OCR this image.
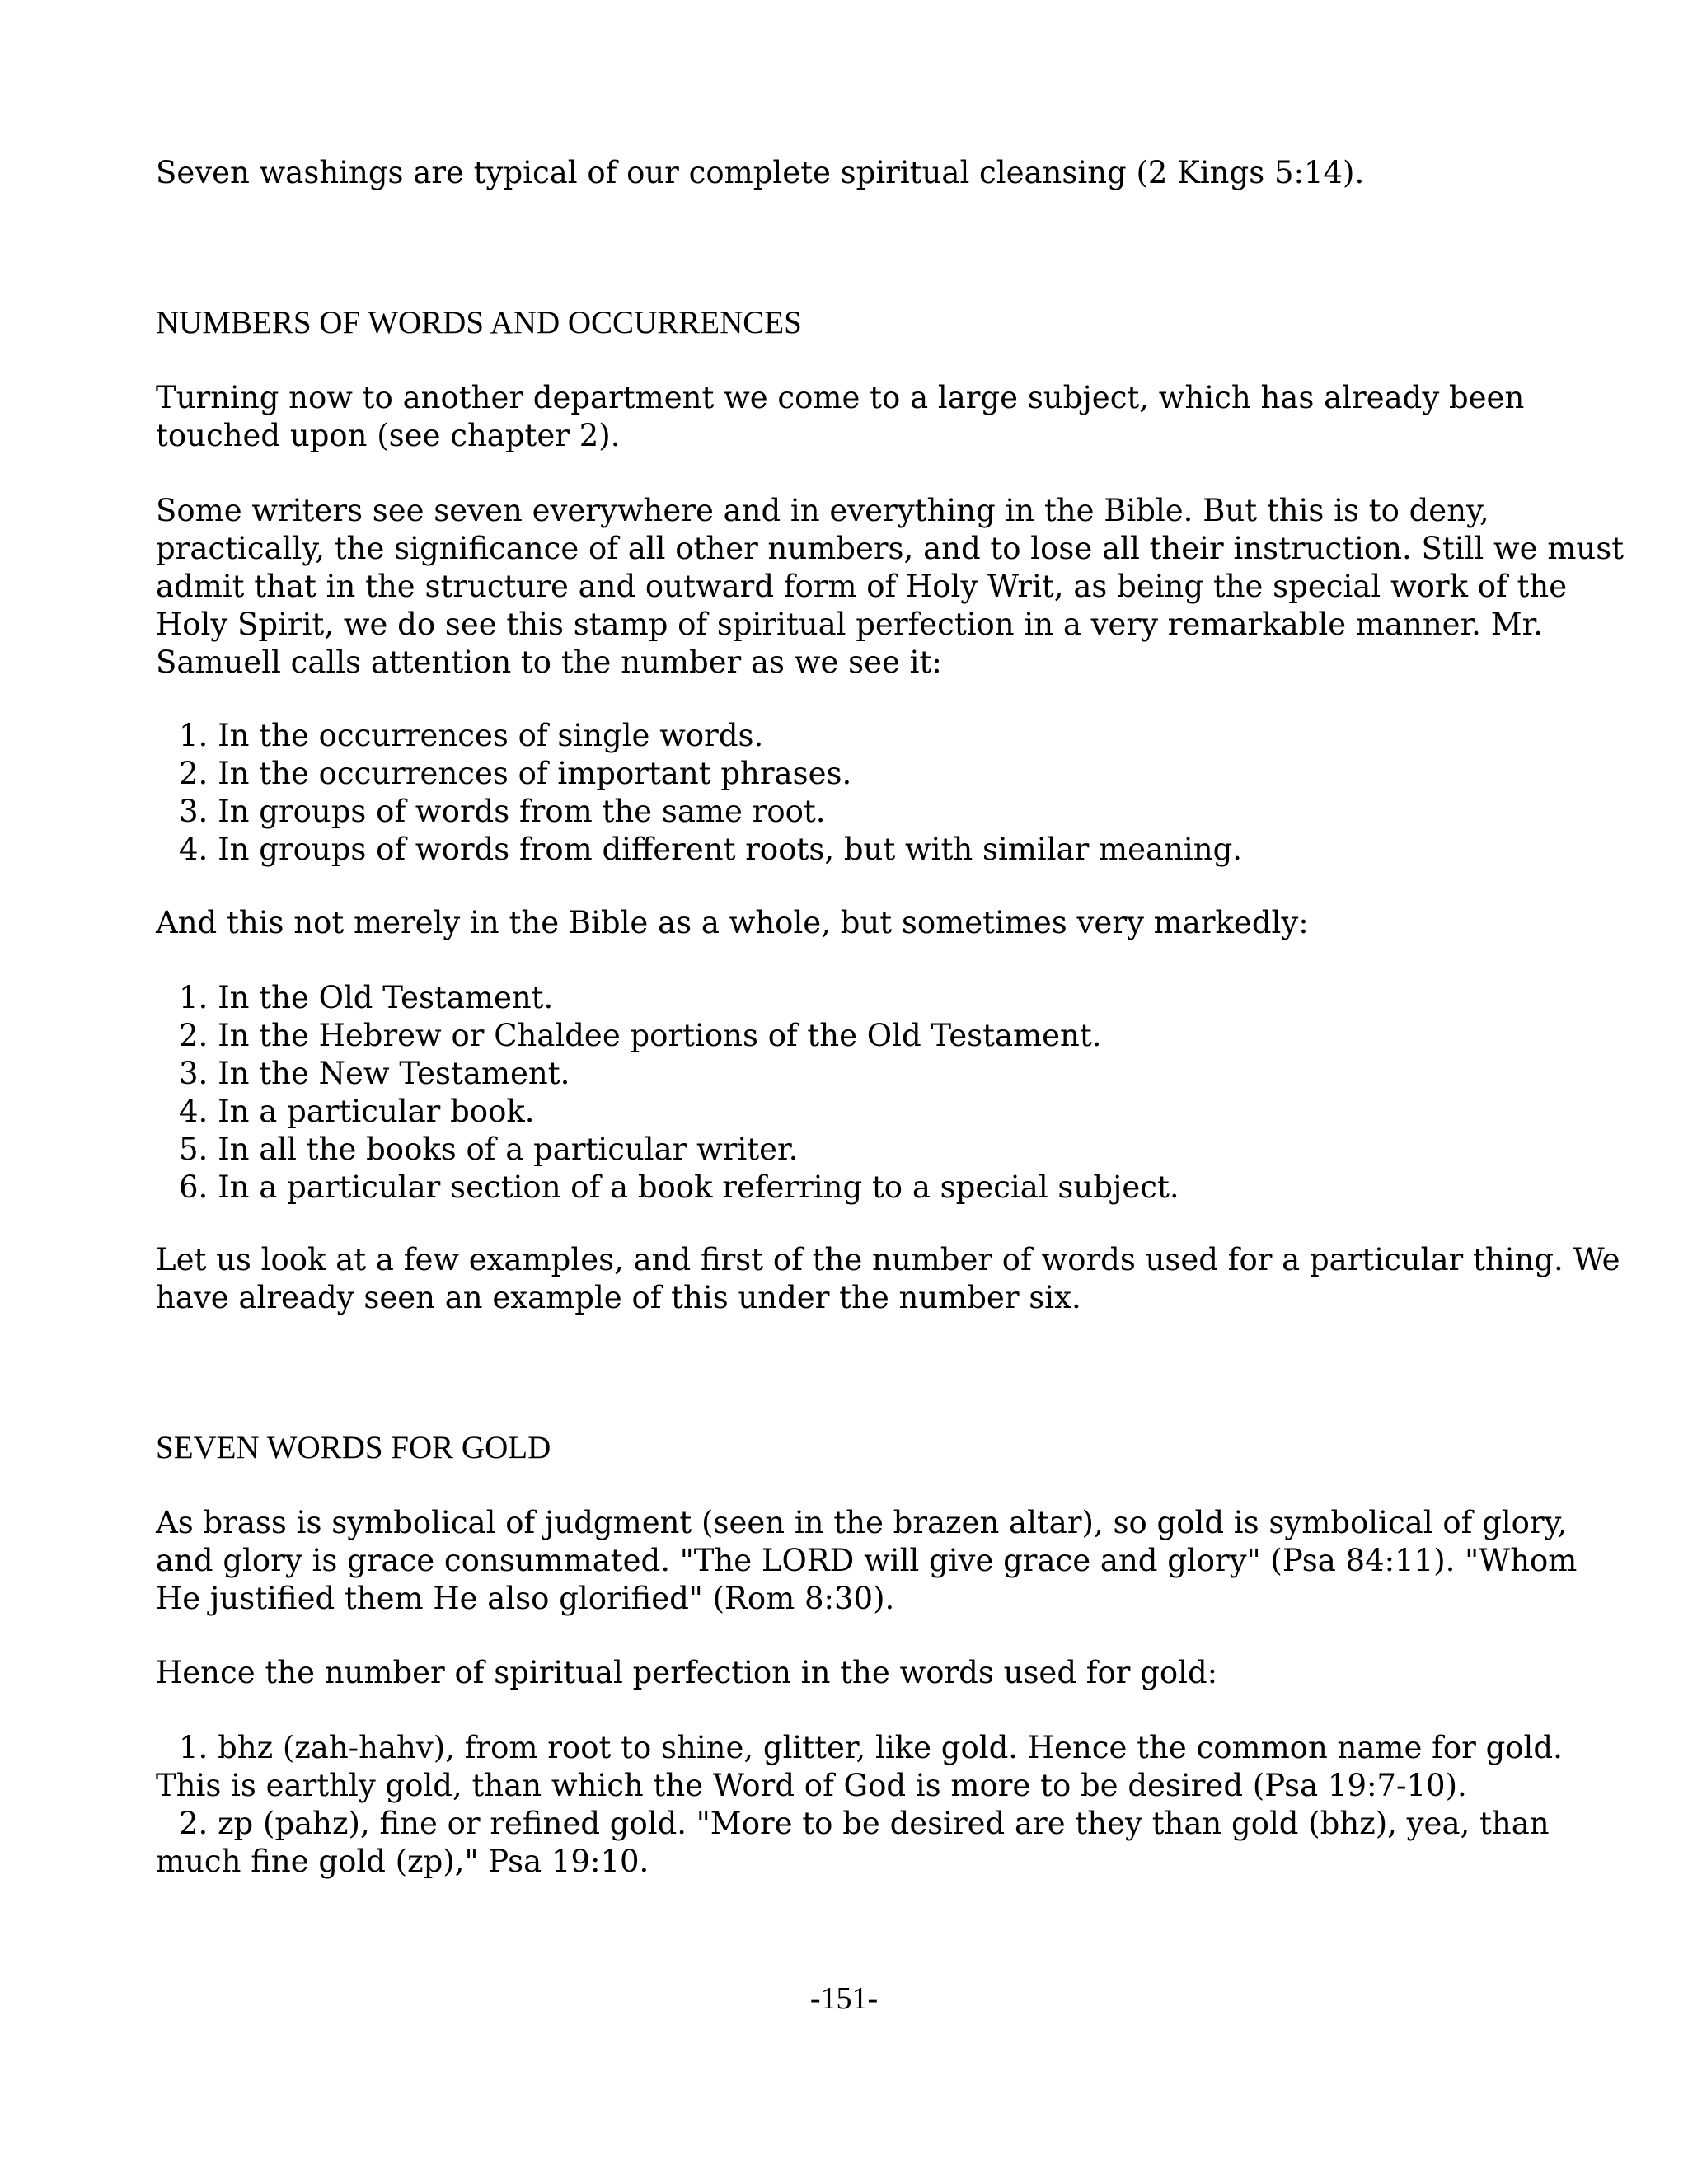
Seven washings are typical of our complete spiritual cleansing (2 Kings 5:14).

NUMBERS OF WORDS AND OCCURRENCES

Turning now to another department we come to a large subject, which has already been
touched upon (see chapter 2).

Some writers see seven everywhere and in everything in the Bible. But this is to deny,
practically, the significance of all other numbers, and to lose all their instruction. Still we must
admit that in the structure and outward form of Holy Writ, as being the special work of the
Holy Spirit, we do see this stamp of spiritual perfection in a very remarkable manner. Mr.
Samuell calls attention to the number as we see it:

1. In the occurrences of single words.
2. In the occurrences of important phrases.
3. In groups of words from the same root.
4. In groups of words from different roots, but with similar meaning.

And this not merely in the Bible as a whole, but sometimes very markedly:

1. In the Old Testament.
2. In the Hebrew or Chaldee portions of the Old Testament.
3. In the New Testament.
4. In a particular book.
5. In all the books of a particular writer.
6. In a particular section of a book referring to a special subject.

Let us look at a few examples, and first of the number of words used for a particular thing. We
have already seen an example of this under the number six.

SEVEN WORDS FOR GOLD

As brass is symbolical of judgment (seen in the brazen altar), so gold is symbolical of glory,
and glory is grace consummated. "The LORD will give grace and glory" (Psa 84:11). "Whom
He justified them He also glorified" (Rom 8:30).

Hence the number of spiritual perfection in the words used for gold:

1. bhz (zah-hahv), from root to shine, glitter, like gold. Hence the common name for gold.
This is earthly gold, than which the Word of God is more to be desired (Psa 19:7-10).
2. zp (pahz), fine or refined gold. "More to be desired are they than gold (bhz), yea, than
much fine gold (zp)," Psa 19:10.
-151-
